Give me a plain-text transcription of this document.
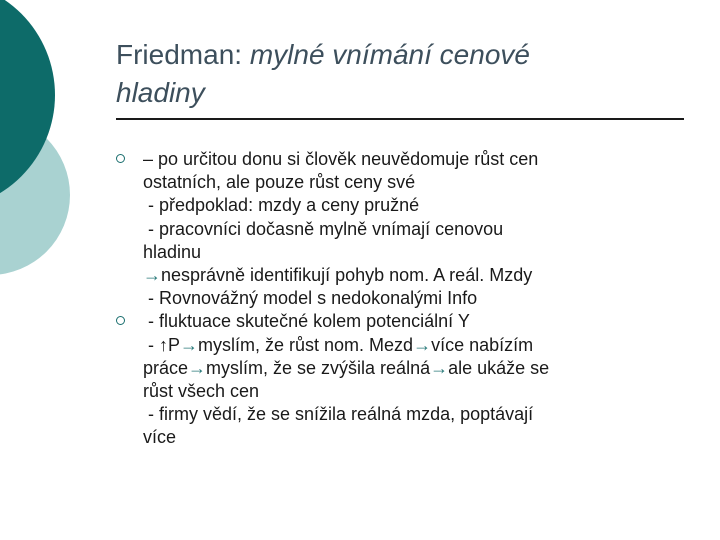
Friedman: mylné vnímání cenové
hladiny
– po určitou donu si člověk neuvědomuje růst cen
ostatních, ale pouze růst ceny své
- předpoklad: mzdy a ceny pružné
- pracovníci dočasně mylně vnímají cenovou
hladinu
→nesprávně identifikují pohyb nom. A reál. Mzdy
- Rovnovážný model s nedokonalými Info
- fluktuace skutečné kolem potenciální Y
- ↑P→myslím, že růst nom. Mezd→více nabízím
práce→myslím, že se zvýšila reálná→ale ukáže se
růst všech cen
- firmy vědí, že se snížila reálná mzda, poptávají
více
